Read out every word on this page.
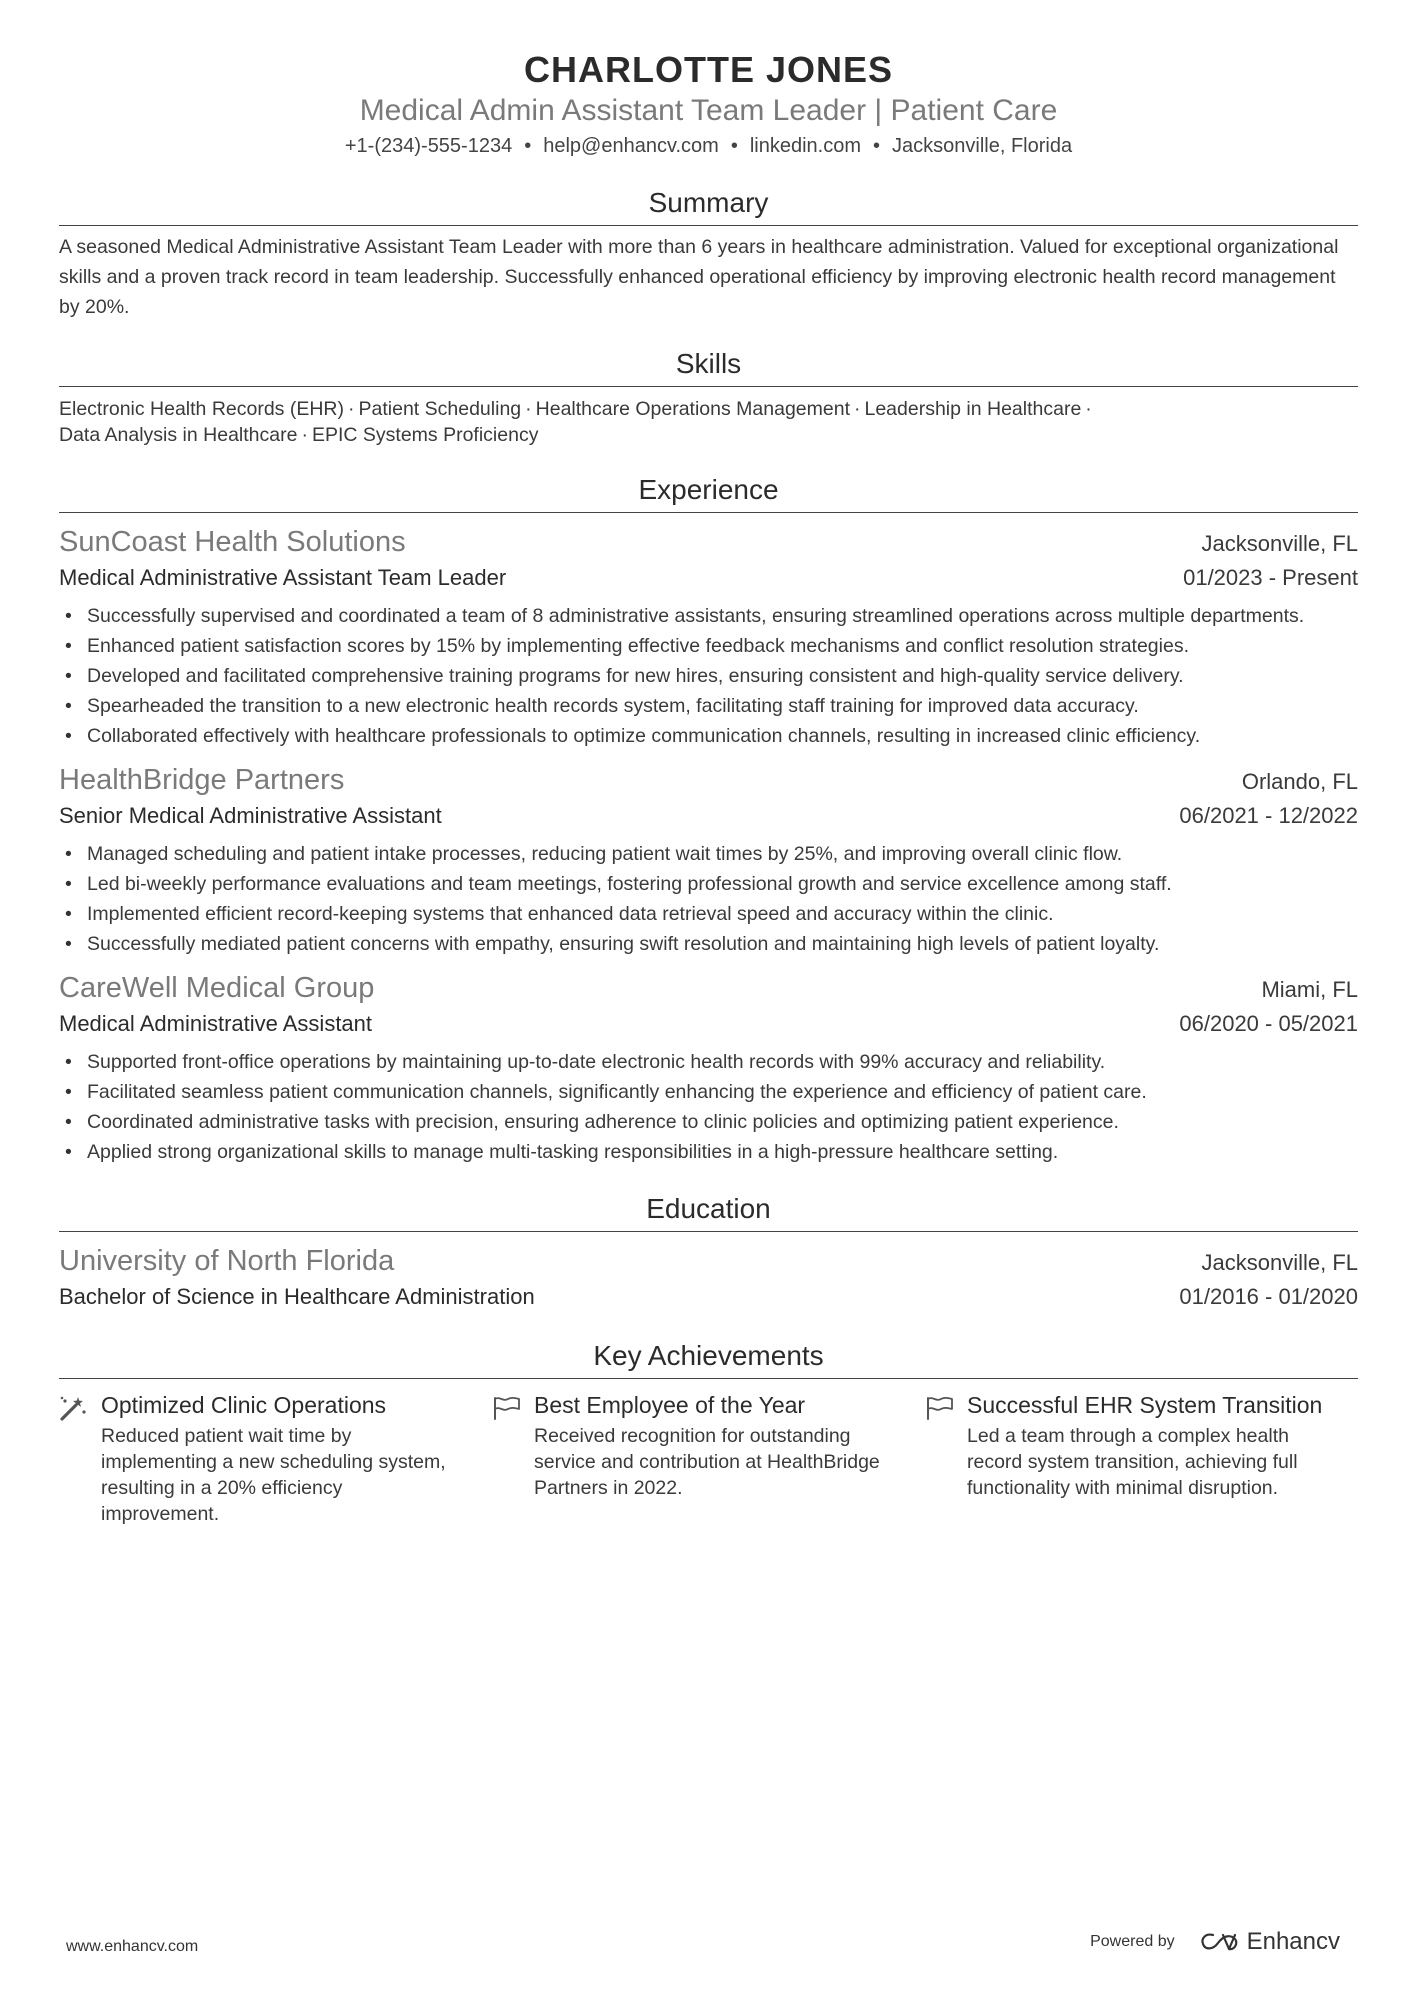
CHARLOTTE JONES
Medical Admin Assistant Team Leader | Patient Care
+1-(234)-555-1234 • help@enhancv.com • linkedin.com • Jacksonville, Florida
Summary
A seasoned Medical Administrative Assistant Team Leader with more than 6 years in healthcare administration. Valued for exceptional organizational skills and a proven track record in team leadership. Successfully enhanced operational efficiency by improving electronic health record management by 20%.
Skills
Electronic Health Records (EHR) · Patient Scheduling · Healthcare Operations Management · Leadership in Healthcare ·
Data Analysis in Healthcare · EPIC Systems Proficiency
Experience
SunCoast Health Solutions	Jacksonville, FL
Medical Administrative Assistant Team Leader	01/2023 - Present
• Successfully supervised and coordinated a team of 8 administrative assistants, ensuring streamlined operations across multiple departments.
• Enhanced patient satisfaction scores by 15% by implementing effective feedback mechanisms and conflict resolution strategies.
• Developed and facilitated comprehensive training programs for new hires, ensuring consistent and high-quality service delivery.
• Spearheaded the transition to a new electronic health records system, facilitating staff training for improved data accuracy.
• Collaborated effectively with healthcare professionals to optimize communication channels, resulting in increased clinic efficiency.
HealthBridge Partners	Orlando, FL
Senior Medical Administrative Assistant	06/2021 - 12/2022
• Managed scheduling and patient intake processes, reducing patient wait times by 25%, and improving overall clinic flow.
• Led bi-weekly performance evaluations and team meetings, fostering professional growth and service excellence among staff.
• Implemented efficient record-keeping systems that enhanced data retrieval speed and accuracy within the clinic.
• Successfully mediated patient concerns with empathy, ensuring swift resolution and maintaining high levels of patient loyalty.
CareWell Medical Group	Miami, FL
Medical Administrative Assistant	06/2020 - 05/2021
• Supported front-office operations by maintaining up-to-date electronic health records with 99% accuracy and reliability.
• Facilitated seamless patient communication channels, significantly enhancing the experience and efficiency of patient care.
• Coordinated administrative tasks with precision, ensuring adherence to clinic policies and optimizing patient experience.
• Applied strong organizational skills to manage multi-tasking responsibilities in a high-pressure healthcare setting.
Education
University of North Florida	Jacksonville, FL
Bachelor of Science in Healthcare Administration	01/2016 - 01/2020
Key Achievements
Optimized Clinic Operations
Reduced patient wait time by implementing a new scheduling system, resulting in a 20% efficiency improvement.
Best Employee of the Year
Received recognition for outstanding service and contribution at HealthBridge Partners in 2022.
Successful EHR System Transition
Led a team through a complex health record system transition, achieving full functionality with minimal disruption.
www.enhancv.com	Powered by	Enhancv
